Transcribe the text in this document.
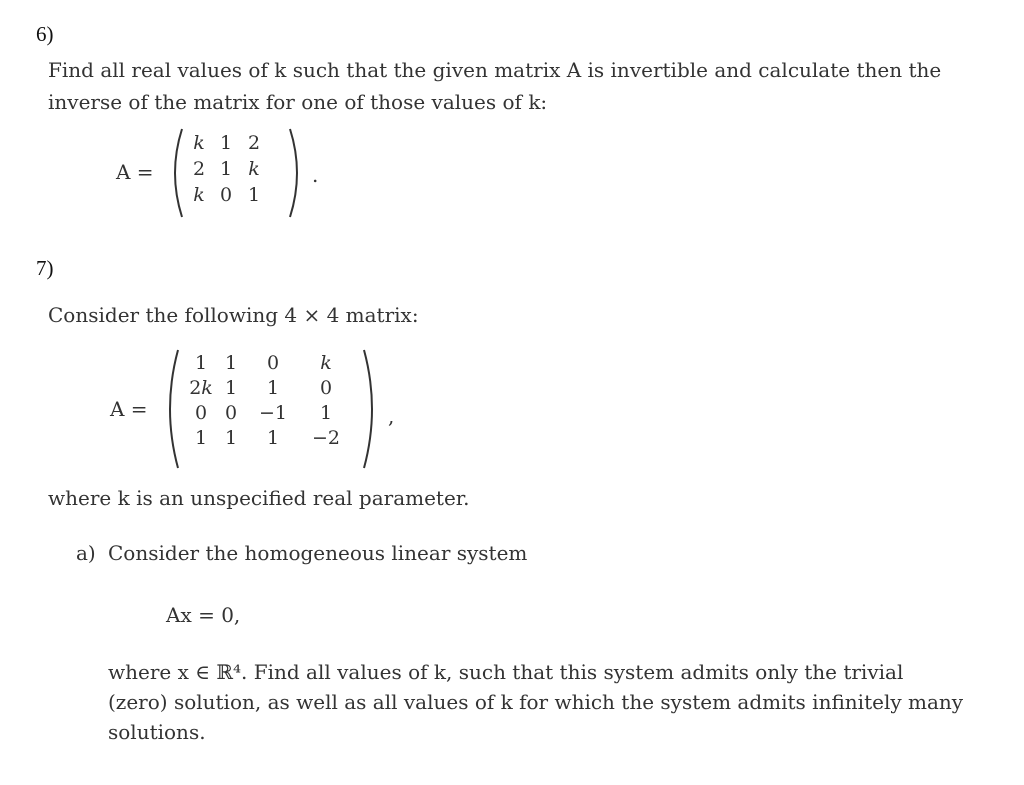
6)
Find all real values of k such that the given matrix A is invertible and calculate then the
inverse of the matrix for one of those values of k:
A =
k 1 2
2 1 k
k 0 1
.
7)
Consider the following 4 × 4 matrix:
A =
1 1	0	k
2k 1	1	0
0 0	−1	1
1 1	1	−2
,
where k is an unspecified real parameter.
a) Consider the homogeneous linear system
Ax = 0,
where x ∈ ℝ⁴. Find all values of k, such that this system admits only the trivial
(zero) solution, as well as all values of k for which the system admits infinitely many
solutions.
